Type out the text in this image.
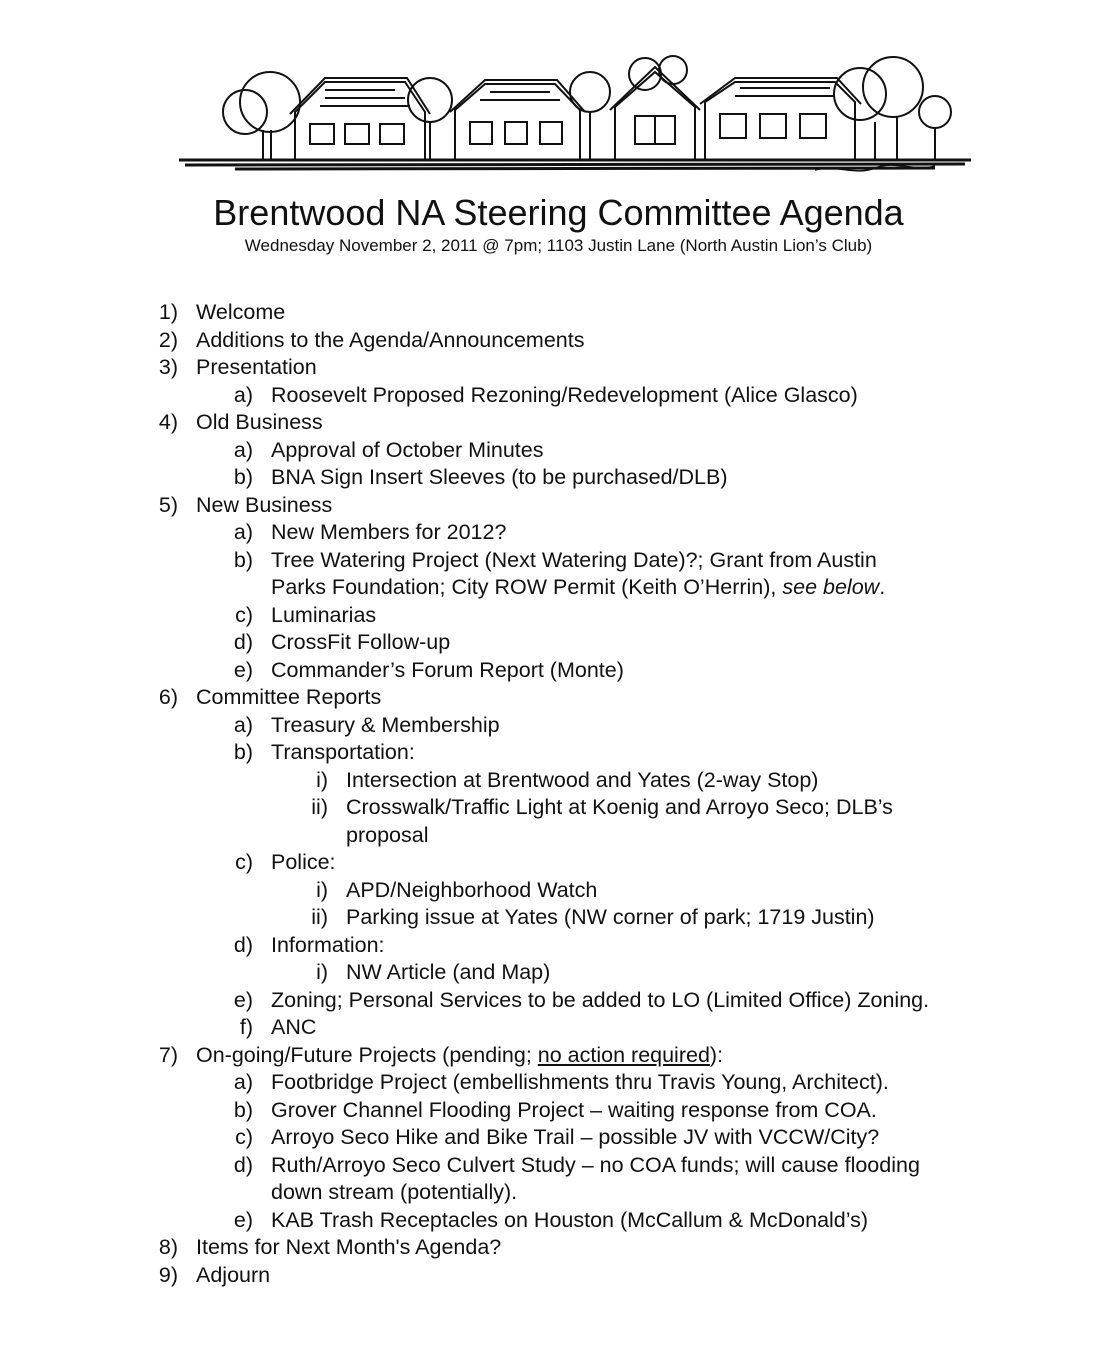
Brentwood NA Steering Committee Agenda
Wednesday November 2, 2011 @ 7pm; 1103 Justin Lane (North Austin Lion’s Club)
1) Welcome
2) Additions to the Agenda/Announcements
3) Presentation
a) Roosevelt Proposed Rezoning/Redevelopment (Alice Glasco)
4) Old Business
a) Approval of October Minutes
b) BNA Sign Insert Sleeves (to be purchased/DLB)
5) New Business
a) New Members for 2012?
b) Tree Watering Project (Next Watering Date)?; Grant from Austin
Parks Foundation; City ROW Permit (Keith O’Herrin), see below.
c) Luminarias
d) CrossFit Follow-up
e) Commander’s Forum Report (Monte)
6) Committee Reports
a) Treasury & Membership
b) Transportation:
i) Intersection at Brentwood and Yates (2-way Stop)
ii) Crosswalk/Traffic Light at Koenig and Arroyo Seco; DLB’s
proposal
c) Police:
i) APD/Neighborhood Watch
ii) Parking issue at Yates (NW corner of park; 1719 Justin)
d) Information:
i) NW Article (and Map)
e) Zoning; Personal Services to be added to LO (Limited Office) Zoning.
f) ANC
7) On-going/Future Projects (pending; no action required):
a) Footbridge Project (embellishments thru Travis Young, Architect).
b) Grover Channel Flooding Project – waiting response from COA.
c) Arroyo Seco Hike and Bike Trail – possible JV with VCCW/City?
d) Ruth/Arroyo Seco Culvert Study – no COA funds; will cause flooding
down stream (potentially).
e) KAB Trash Receptacles on Houston (McCallum & McDonald’s)
8) Items for Next Month's Agenda?
9) Adjourn
